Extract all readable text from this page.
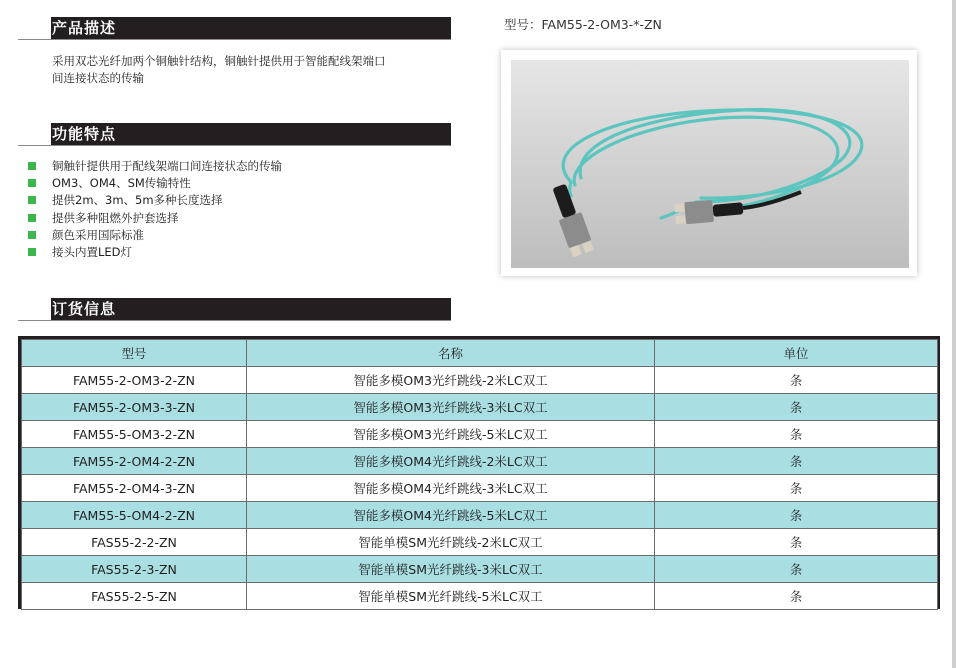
产品描述
采用双芯光纤加两个铜触针结构，铜触针提供用于智能配线架端口
间连接状态的传输
功能特点
铜触针提供用于配线架端口间连接状态的传输
OM3、OM4、SM传输特性
提供2m、3m、5m多种长度选择
提供多种阻燃外护套选择
颜色采用国际标准
接头内置LED灯
型号：FAM55-2-OM3-*-ZN
订货信息
型号	名称	单位
FAM55-2-OM3-2-ZN	智能多模OM3光纤跳线-2米LC双工	条
FAM55-2-OM3-3-ZN	智能多模OM3光纤跳线-3米LC双工	条
FAM55-5-OM3-2-ZN	智能多模OM3光纤跳线-5米LC双工	条
FAM55-2-OM4-2-ZN	智能多模OM4光纤跳线-2米LC双工	条
FAM55-2-OM4-3-ZN	智能多模OM4光纤跳线-3米LC双工	条
FAM55-5-OM4-2-ZN	智能多模OM4光纤跳线-5米LC双工	条
FAS55-2-2-ZN	智能单模SM光纤跳线-2米LC双工	条
FAS55-2-3-ZN	智能单模SM光纤跳线-3米LC双工	条
FAS55-2-5-ZN	智能单模SM光纤跳线-5米LC双工	条
